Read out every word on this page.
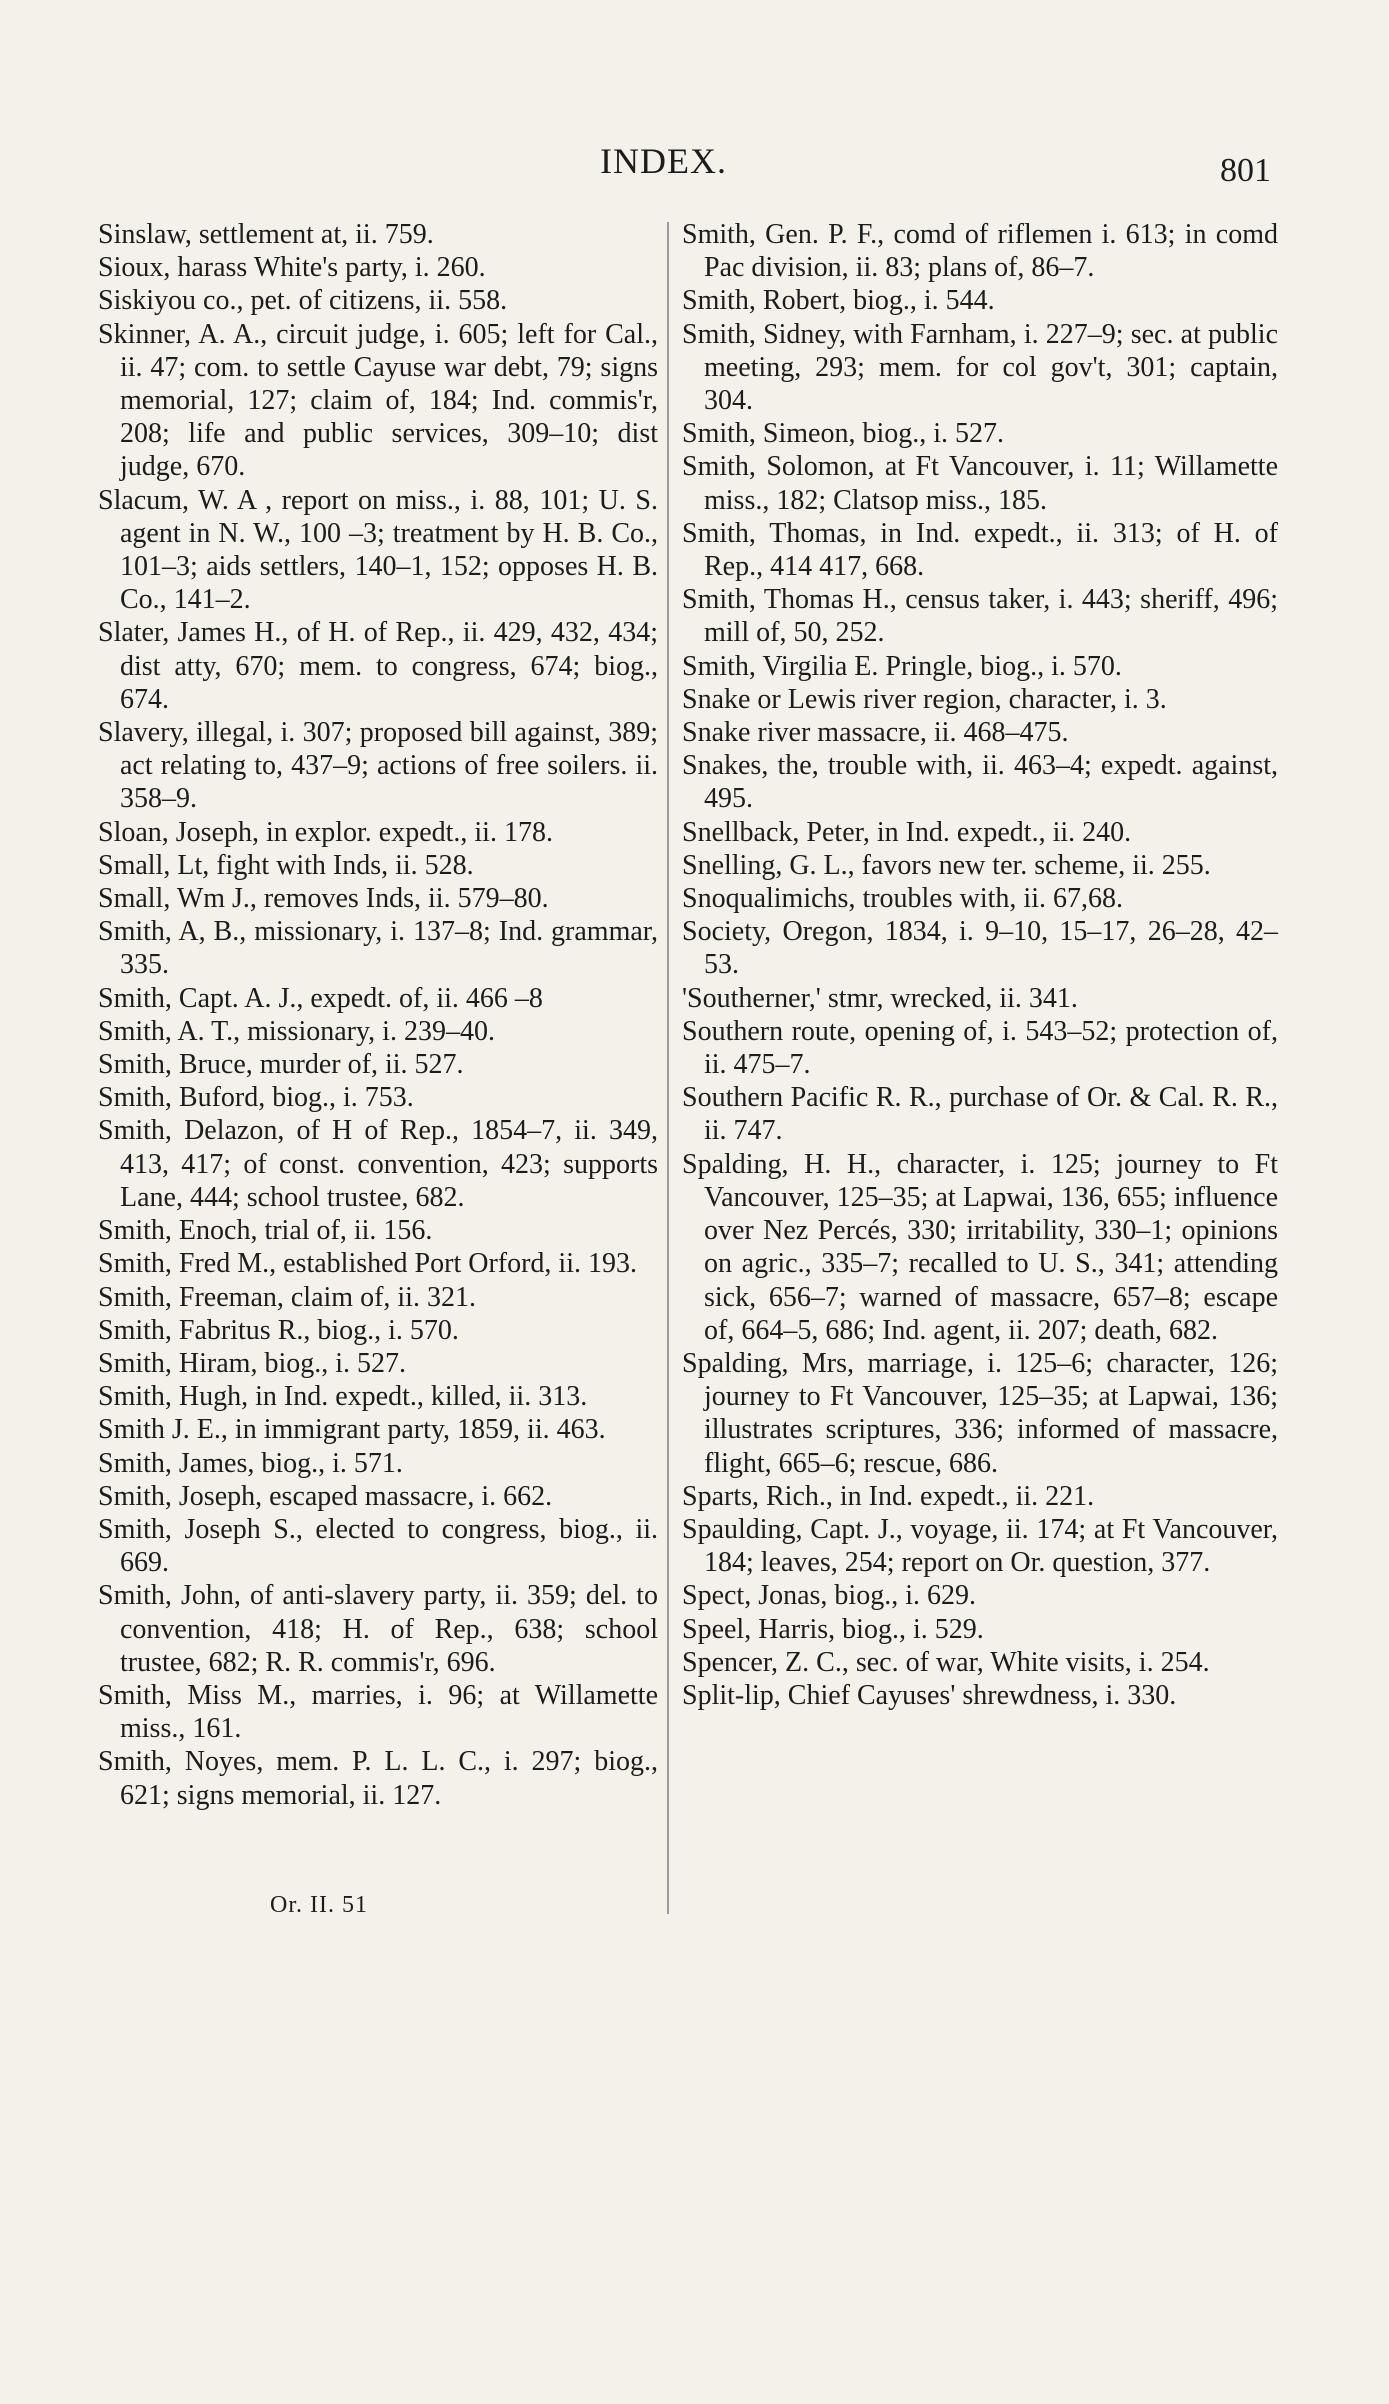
INDEX.	801

Sinslaw, settlement at, ii. 759.

Sioux, harass White's party, i. 260.

Siskiyou co., pet. of citizens, ii. 558.

Skinner, A. A., circuit judge, i. 605; left for Cal., ii. 47; com. to settle Cayuse war debt, 79; signs memorial, 127; claim of, 184; Ind. commis'r, 208; life and public services, 309–10; dist judge, 670.

Slacum, W. A , report on miss., i. 88, 101; U. S. agent in N. W., 100 –3; treatment by H. B. Co., 101–3; aids settlers, 140–1, 152; opposes H. B. Co., 141–2.

Slater, James H., of H. of Rep., ii. 429, 432, 434; dist atty, 670; mem. to congress, 674; biog., 674.

Slavery, illegal, i. 307; proposed bill against, 389; act relating to, 437–9; actions of free soilers. ii. 358–9.

Sloan, Joseph, in explor. expedt., ii. 178.

Small, Lt, fight with Inds, ii. 528.

Small, Wm J., removes Inds, ii. 579–80.

Smith, A, B., missionary, i. 137–8; Ind. grammar, 335.

Smith, Capt. A. J., expedt. of, ii. 466 –8

Smith, A. T., missionary, i. 239–40.

Smith, Bruce, murder of, ii. 527.

Smith, Buford, biog., i. 753.

Smith, Delazon, of H of Rep., 1854–7, ii. 349, 413, 417; of const. convention, 423; supports Lane, 444; school trustee, 682.

Smith, Enoch, trial of, ii. 156.

Smith, Fred M., established Port Orford, ii. 193.

Smith, Freeman, claim of, ii. 321.

Smith, Fabritus R., biog., i. 570.

Smith, Hiram, biog., i. 527.

Smith, Hugh, in Ind. expedt., killed, ii. 313.

Smith J. E., in immigrant party, 1859, ii. 463.

Smith, James, biog., i. 571.

Smith, Joseph, escaped massacre, i. 662.

Smith, Joseph S., elected to congress, biog., ii. 669.

Smith, John, of anti-slavery party, ii. 359; del. to convention, 418; H. of Rep., 638; school trustee, 682; R. R. commis'r, 696.

Smith, Miss M., marries, i. 96; at Willamette miss., 161.

Smith, Noyes, mem. P. L. L. C., i. 297; biog., 621; signs memorial, ii. 127.

Smith, Gen. P. F., comd of riflemen i. 613; in comd Pac division, ii. 83; plans of, 86–7.

Smith, Robert, biog., i. 544.

Smith, Sidney, with Farnham, i. 227–9; sec. at public meeting, 293; mem. for col gov't, 301; captain, 304.

Smith, Simeon, biog., i. 527.

Smith, Solomon, at Ft Vancouver, i. 11; Willamette miss., 182; Clatsop miss., 185.

Smith, Thomas, in Ind. expedt., ii. 313; of H. of Rep., 414 417, 668.

Smith, Thomas H., census taker, i. 443; sheriff, 496; mill of, 50, 252.

Smith, Virgilia E. Pringle, biog., i. 570.

Snake or Lewis river region, character, i. 3.

Snake river massacre, ii. 468–475.

Snakes, the, trouble with, ii. 463–4; expedt. against, 495.

Snellback, Peter, in Ind. expedt., ii. 240.

Snelling, G. L., favors new ter. scheme, ii. 255.

Snoqualimichs, troubles with, ii. 67,68.

Society, Oregon, 1834, i. 9–10, 15–17, 26–28, 42–53.

'Southerner,' stmr, wrecked, ii. 341.

Southern route, opening of, i. 543–52; protection of, ii. 475–7.

Southern Pacific R. R., purchase of Or. & Cal. R. R., ii. 747.

Spalding, H. H., character, i. 125; journey to Ft Vancouver, 125–35; at Lapwai, 136, 655; influence over Nez Percés, 330; irritability, 330–1; opinions on agric., 335–7; recalled to U. S., 341; attending sick, 656–7; warned of massacre, 657–8; escape of, 664–5, 686; Ind. agent, ii. 207; death, 682.

Spalding, Mrs, marriage, i. 125–6; character, 126; journey to Ft Vancouver, 125–35; at Lapwai, 136; illustrates scriptures, 336; informed of massacre, flight, 665–6; rescue, 686.

Sparts, Rich., in Ind. expedt., ii. 221.

Spaulding, Capt. J., voyage, ii. 174; at Ft Vancouver, 184; leaves, 254; report on Or. question, 377.

Spect, Jonas, biog., i. 629.

Speel, Harris, biog., i. 529.

Spencer, Z. C., sec. of war, White visits, i. 254.

Split-lip, Chief Cayuses' shrewdness, i. 330.

Or. II. 51
